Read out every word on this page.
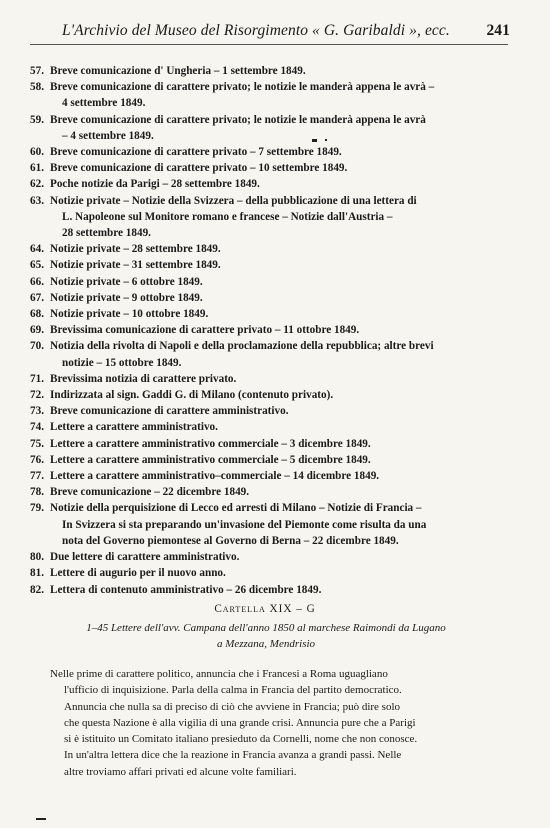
L'Archivio del Museo del Risorgimento « G. Garibaldi », ecc. 241
57. Breve comunicazione d' Ungheria – 1 settembre 1849.
58. Breve comunicazione di carattere privato; le notizie le manderà appena le avrà –
4 settembre 1849.
59. Breve comunicazione di carattere privato; le notizie le manderà appena le avrà
– 4 settembre 1849.
60. Breve comunicazione di carattere privato – 7 settembre 1849.
61. Breve comunicazione di carattere privato – 10 settembre 1849.
62. Poche notizie da Parigi – 28 settembre 1849.
63. Notizie private – Notizie della Svizzera – della pubblicazione di una lettera di
L. Napoleone sul Monitore romano e francese – Notizie dall'Austria –
28 settembre 1849.
64. Notizie private – 28 settembre 1849.
65. Notizie private – 31 settembre 1849.
66. Notizie private – 6 ottobre 1849.
67. Notizie private – 9 ottobre 1849.
68. Notizie private – 10 ottobre 1849.
69. Brevissima comunicazione di carattere privato – 11 ottobre 1849.
70. Notizia della rivolta di Napoli e della proclamazione della repubblica; altre brevi
notizie – 15 ottobre 1849.
71. Brevissima notizia di carattere privato.
72. Indirizzata al sign. Gaddi G. di Milano (contenuto privato).
73. Breve comunicazione di carattere amministrativo.
74. Lettere a carattere amministrativo.
75. Lettere a carattere amministrativo commerciale – 3 dicembre 1849.
76. Lettere a carattere amministrativo commerciale – 5 dicembre 1849.
77. Lettere a carattere amministrativo–commerciale – 14 dicembre 1849.
78. Breve comunicazione – 22 dicembre 1849.
79. Notizie della perquisizione di Lecco ed arresti di Milano – Notizie di Francia –
In Svizzera si sta preparando un'invasione del Piemonte come risulta da una
nota del Governo piemontese al Governo di Berna – 22 dicembre 1849.
80. Due lettere di carattere amministrativo.
81. Lettere di augurio per il nuovo anno.
82. Lettera di contenuto amministrativo – 26 dicembre 1849.
Cartella XIX – G
1–45 Lettere dell'avv. Campana dell'anno 1850 al marchese Raimondi da Lugano
a Mezzana, Mendrisio
Nelle prime di carattere politico, annuncia che i Francesi a Roma uguagliano
l'ufficio di inquisizione. Parla della calma in Francia del partito democratico.
Annuncia che nulla sa di preciso di ciò che avviene in Francia; può dire solo
che questa Nazione è alla vigilia di una grande crisi. Annuncia pure che a Parigi
si è istituito un Comitato italiano presieduto da Cornelli, nome che non conosce.
In un'altra lettera dice che la reazione in Francia avanza a grandi passi. Nelle
altre troviamo affari privati ed alcune volte familiari.
